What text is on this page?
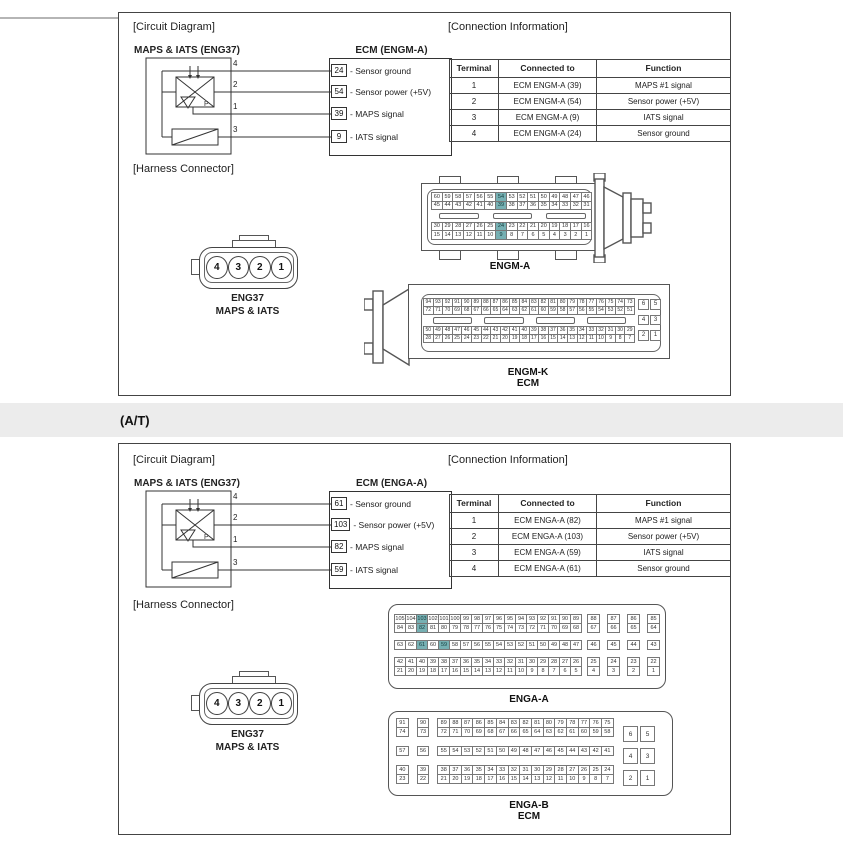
[Circuit Diagram]	[Connection Information]
MAPS & IATS (ENG37)	ECM (ENGM-A)
P
4
24 - Sensor ground
2
54 - Sensor power (+5V)
1
39 - MAPS signal
3
9	- IATS signal
[Harness Connector]
4	3	2	1
ENG37
MAPS & IATS
Terminal	Connected to	Function
1	ECM ENGM-A (39)	MAPS #1 signal
2	ECM ENGM-A (54)	Sensor power (+5V)
3	ECM ENGM-A (9)	IATS signal
4	ECM ENGM-A (24)	Sensor ground
60 59 58 57 56 55 54 53 52 51 50 49 48 47 46
45 44 43 42 41 40 39 38 37 36 35 34 33 32 31
30 29 28 27 26 25 24 23 22 21 20 19 18 17 16
15 14 13 12 11 10	9	8	7	6	5	4	3	2	1
ENGM-A
94 93 92 91 90 89 88 87 86 85 84 83 82 81 80 79 78 77 76 75 74 73
72 71 70 69 68 67 66 65 64 63 62 61 60 59 58 57 56 55 54 53 52 51
50 49 48 47 46 45 44 43 42 41 40 39 38 37 36 35 34 33 32 31 30 29
28 27 26 25 24 23 22 21 20 19 18 17 16 15 14 13 12 11 10	9	8	7
6	5
4	3
2	1
ENGM-K
ECM
(A/T)
[Circuit Diagram]	[Connection Information]
MAPS & IATS (ENG37)	ECM (ENGA-A)
P
4
61 - Sensor ground
2
103 - Sensor power (+5V)
1
82 - MAPS signal
3
59 - IATS signal
[Harness Connector]
4	3	2	1
ENG37
MAPS & IATS
Terminal	Connected to	Function
1	ECM ENGA-A (82)	MAPS #1 signal
2	ECM ENGA-A (103)	Sensor power (+5V)
3	ECM ENGA-A (59)	IATS signal
4	ECM ENGA-A (61)	Sensor ground
105 104 103 102 101 100 99 98 97 96 95 94 93 92 91 90 89	88	87	86	85
84 83 82 81 80 79 78 77 76 75 74 73 72 71 70 69 68	67	66	65	64
63 62 61 60 59 58 57 56 55 54 53 52 51 50 49 48 47	46	45	44	43
42 41 40 39 38 37 36 35 34 33 32 31 30 29 28 27 26	25	24	23	22
21 20 19 18 17 16 15 14 13 12 11 10	9	8	7	6	5	4	3	2	1
ENGA-A
91	90	89	88	87	86	85	84	83	82	81	80	79	78	77	76	75
74	73	72	71	70	69	68	67	66	65	64	63	62	61	60	59	58
57	56	55	54	53	52	51	50	49	48	47	46	45	44	43	42	41
40	39	38	37	36	35	34	33	32	31	30	29	28	27	26	25	24
23	22	21	20	19	18	17	16	15	14	13	12	11	10	9	8	7
6	5
4	3
2	1
ENGA-B
ECM
